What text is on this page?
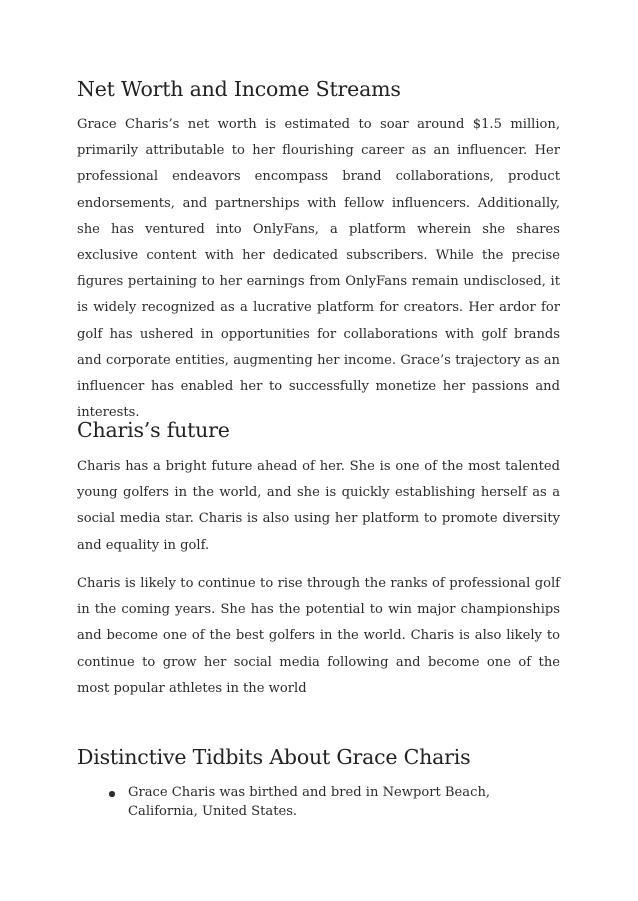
Net Worth and Income Streams

Grace Charis’s net worth is estimated to soar around $1.5 million, primarily attributable to her flourishing career as an influencer. Her professional endeavors encompass brand collaborations, product endorsements, and partnerships with fellow influencers. Additionally, she has ventured into OnlyFans, a platform wherein she shares exclusive content with her dedicated subscribers. While the precise figures pertaining to her earnings from OnlyFans remain undisclosed, it is widely recognized as a lucrative platform for creators. Her ardor for golf has ushered in opportunities for collaborations with golf brands and corporate entities, augmenting her income. Grace’s trajectory as an influencer has enabled her to successfully monetize her passions and interests.

Charis’s future

Charis has a bright future ahead of her. She is one of the most talented young golfers in the world, and she is quickly establishing herself as a social media star. Charis is also using her platform to promote diversity and equality in golf.

Charis is likely to continue to rise through the ranks of professional golf in the coming years. She has the potential to win major championships and become one of the best golfers in the world. Charis is also likely to continue to grow her social media following and become one of the most popular athletes in the world

Distinctive Tidbits About Grace Charis
Grace Charis was birthed and bred in Newport Beach, California, United States.
